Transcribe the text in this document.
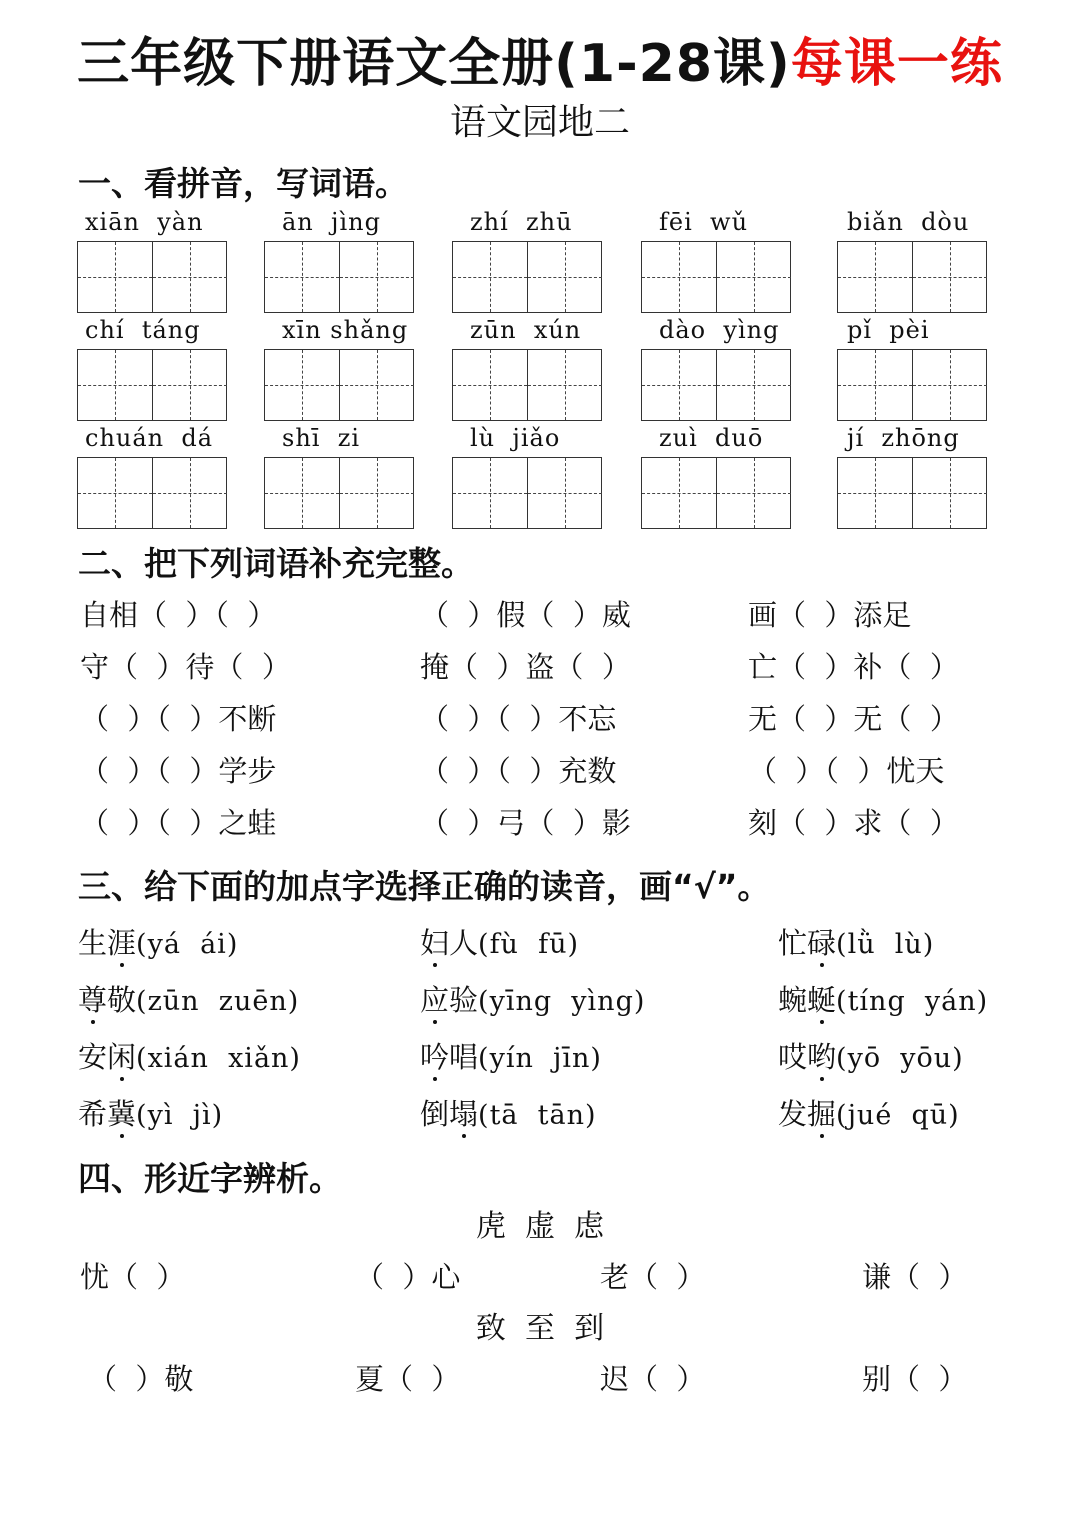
三年级下册语文全册(1-28课)每课一练
语文园地二
一、看拼音，写词语。
xiān  yàn	ān  jìng	zhí  zhū	fēi  wǔ	biǎn  dòu
chí  táng	xīn shǎng	zūn  xún	dào  yìng	pǐ  pèi
chuán  dá	shī  zi	lù  jiǎo	zuì  duō	jí  zhōng
二、把下列词语补充完整。
自相（  ）（  ）	（  ）假（  ）威	画（  ）添足
守（  ）待（  ）	掩（  ）盗（  ）	亡（  ）补（  ）
（  ）（  ）不断	（  ）（  ）不忘	无（  ）无（  ）
（  ）（  ）学步	（  ）（  ）充数	（  ）（  ）忧天
（  ）（  ）之蛙	（  ）弓（  ）影	刻（  ）求（  ）
三、给下面的加点字选择正确的读音，画“√”。
生涯(yá  ái)	妇人(fù  fū)	忙碌(lǜ  lù)
尊敬(zūn  zuēn)	应验(yīng  yìng)	蜿蜒(tíng  yán)
安闲(xián  xiǎn)	吟唱(yín  jīn)	哎哟(yō  yōu)
希冀(yì  jì)	倒塌(tā  tān)	发掘(jué  qū)
四、形近字辨析。
虎  虚  虑
致  至  到
忧（  ）	（  ）心	老（  ）	谦（  ）
（  ）敬	夏（  ）	迟（  ）	别（  ）
